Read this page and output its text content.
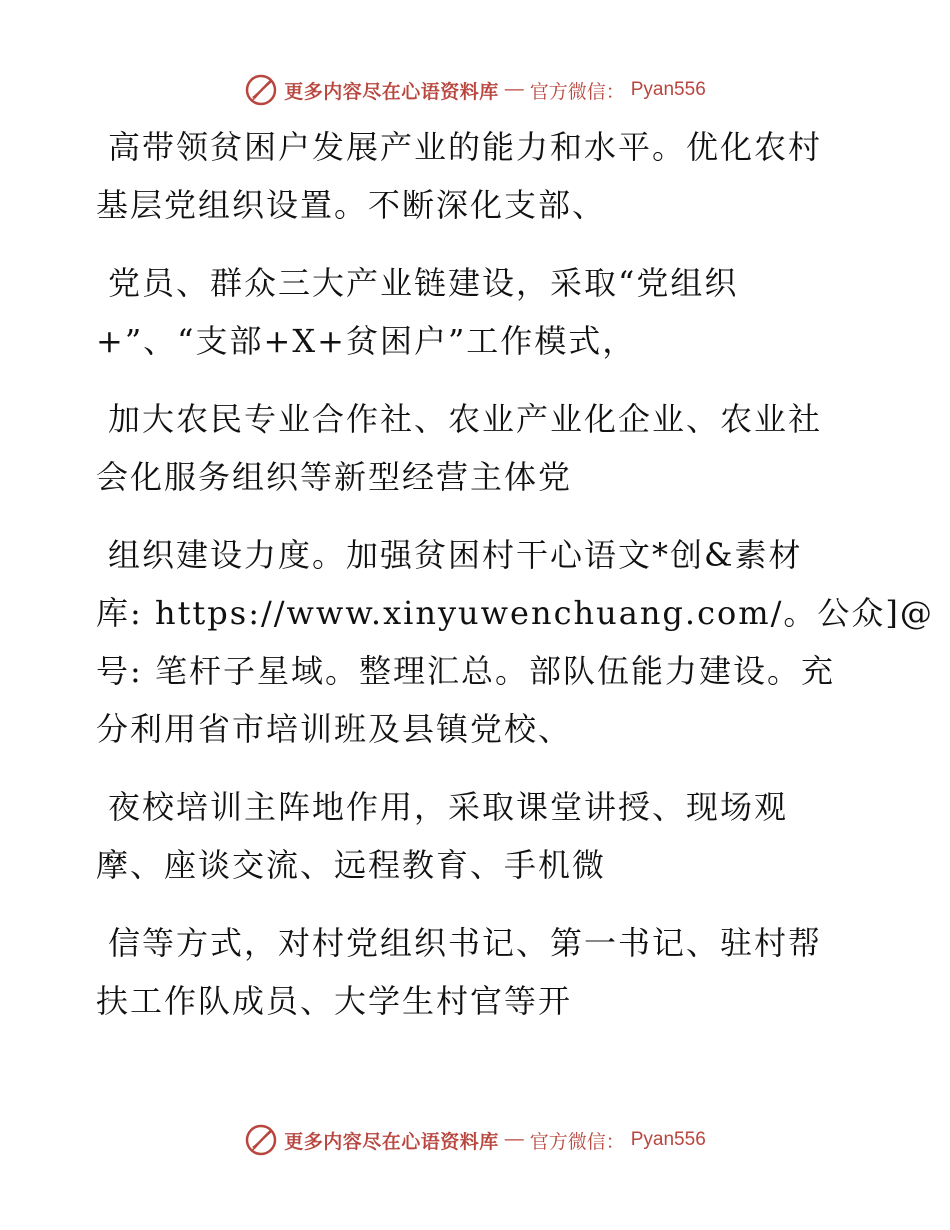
更多内容尽在心语资料库 — 官方微信： Pyan556

高带领贫困户发展产业的能力和水平。优化农村
基层党组织设置。不断深化支部、

党员、群众三大产业链建设，采取“党组织
+”、“支部+X+贫困户”工作模式，

加大农民专业合作社、农业产业化企业、农业社
会化服务组织等新型经营主体党

组织建设力度。加强贫困村干心语文*创&素材
库: https://www.xinyuwenchuang.com/。公众]@
号: 笔杆子星域。整理汇总。部队伍能力建设。充
分利用省市培训班及县镇党校、

夜校培训主阵地作用，采取课堂讲授、现场观
摩、座谈交流、远程教育、手机微

信等方式，对村党组织书记、第一书记、驻村帮
扶工作队成员、大学生村官等开

更多内容尽在心语资料库 — 官方微信： Pyan556
